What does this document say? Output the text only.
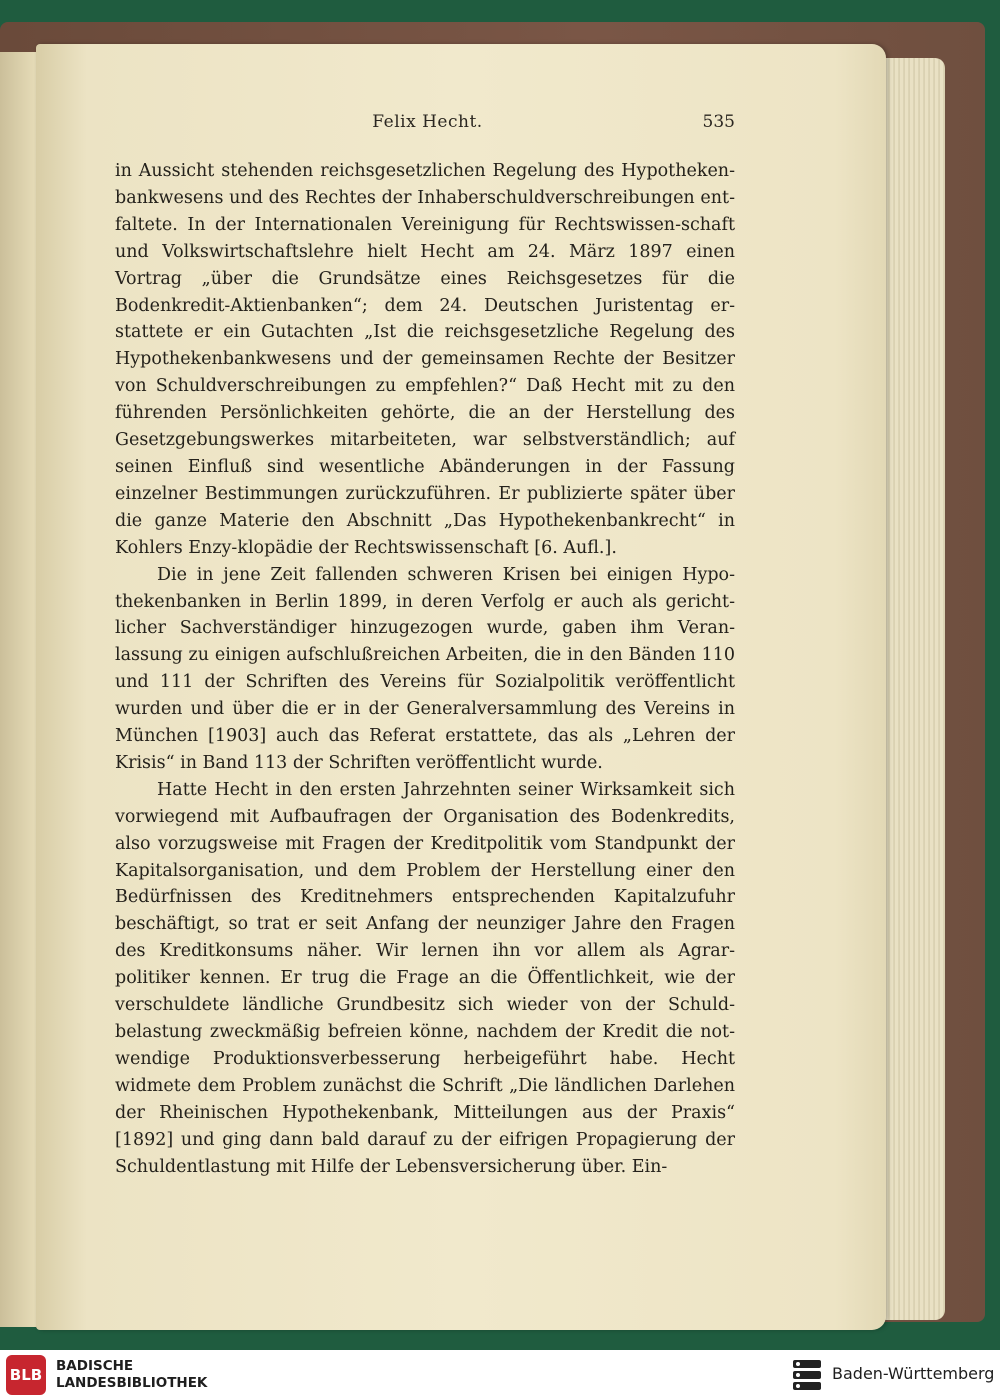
Felix Hecht.	535

in Aussicht stehenden reichsgesetzlichen Regelung des Hypotheken-bankwesens und des Rechtes der Inhaberschuldverschreibungen ent-faltete. In der Internationalen Vereinigung für Rechtswissen-schaft und Volkswirtschaftslehre hielt Hecht am 24. März 1897 einen Vortrag „über die Grundsätze eines Reichsgesetzes für die Bodenkredit-Aktienbanken“; dem 24. Deutschen Juristentag er-stattete er ein Gutachten „Ist die reichsgesetzliche Regelung des Hypothekenbankwesens und der gemeinsamen Rechte der Besitzer von Schuldverschreibungen zu empfehlen?“ Daß Hecht mit zu den führenden Persönlichkeiten gehörte, die an der Herstellung des Gesetzgebungswerkes mitarbeiteten, war selbstverständlich; auf seinen Einfluß sind wesentliche Abänderungen in der Fassung einzelner Bestimmungen zurückzuführen. Er publizierte später über die ganze Materie den Abschnitt „Das Hypothekenbankrecht“ in Kohlers Enzy-klopädie der Rechtswissenschaft [6. Aufl.].

Die in jene Zeit fallenden schweren Krisen bei einigen Hypo-thekenbanken in Berlin 1899, in deren Verfolg er auch als gericht-licher Sachverständiger hinzugezogen wurde, gaben ihm Veran-lassung zu einigen aufschlußreichen Arbeiten, die in den Bänden 110 und 111 der Schriften des Vereins für Sozialpolitik veröffentlicht wurden und über die er in der Generalversammlung des Vereins in München [1903] auch das Referat erstattete, das als „Lehren der Krisis“ in Band 113 der Schriften veröffentlicht wurde.

Hatte Hecht in den ersten Jahrzehnten seiner Wirksamkeit sich vorwiegend mit Aufbaufragen der Organisation des Bodenkredits, also vorzugsweise mit Fragen der Kreditpolitik vom Standpunkt der Kapitalsorganisation, und dem Problem der Herstellung einer den Bedürfnissen des Kreditnehmers entsprechenden Kapitalzufuhr beschäftigt, so trat er seit Anfang der neunziger Jahre den Fragen des Kreditkonsums näher. Wir lernen ihn vor allem als Agrar-politiker kennen. Er trug die Frage an die Öffentlichkeit, wie der verschuldete ländliche Grundbesitz sich wieder von der Schuld-belastung zweckmäßig befreien könne, nachdem der Kredit die not-wendige Produktionsverbesserung herbeigeführt habe. Hecht widmete dem Problem zunächst die Schrift „Die ländlichen Darlehen der Rheinischen Hypothekenbank, Mitteilungen aus der Praxis“ [1892] und ging dann bald darauf zu der eifrigen Propagierung der Schuldentlastung mit Hilfe der Lebensversicherung über. Ein-

BLB BADISCHE
LANDESBIBLIOTHEK	Baden-Württemberg
